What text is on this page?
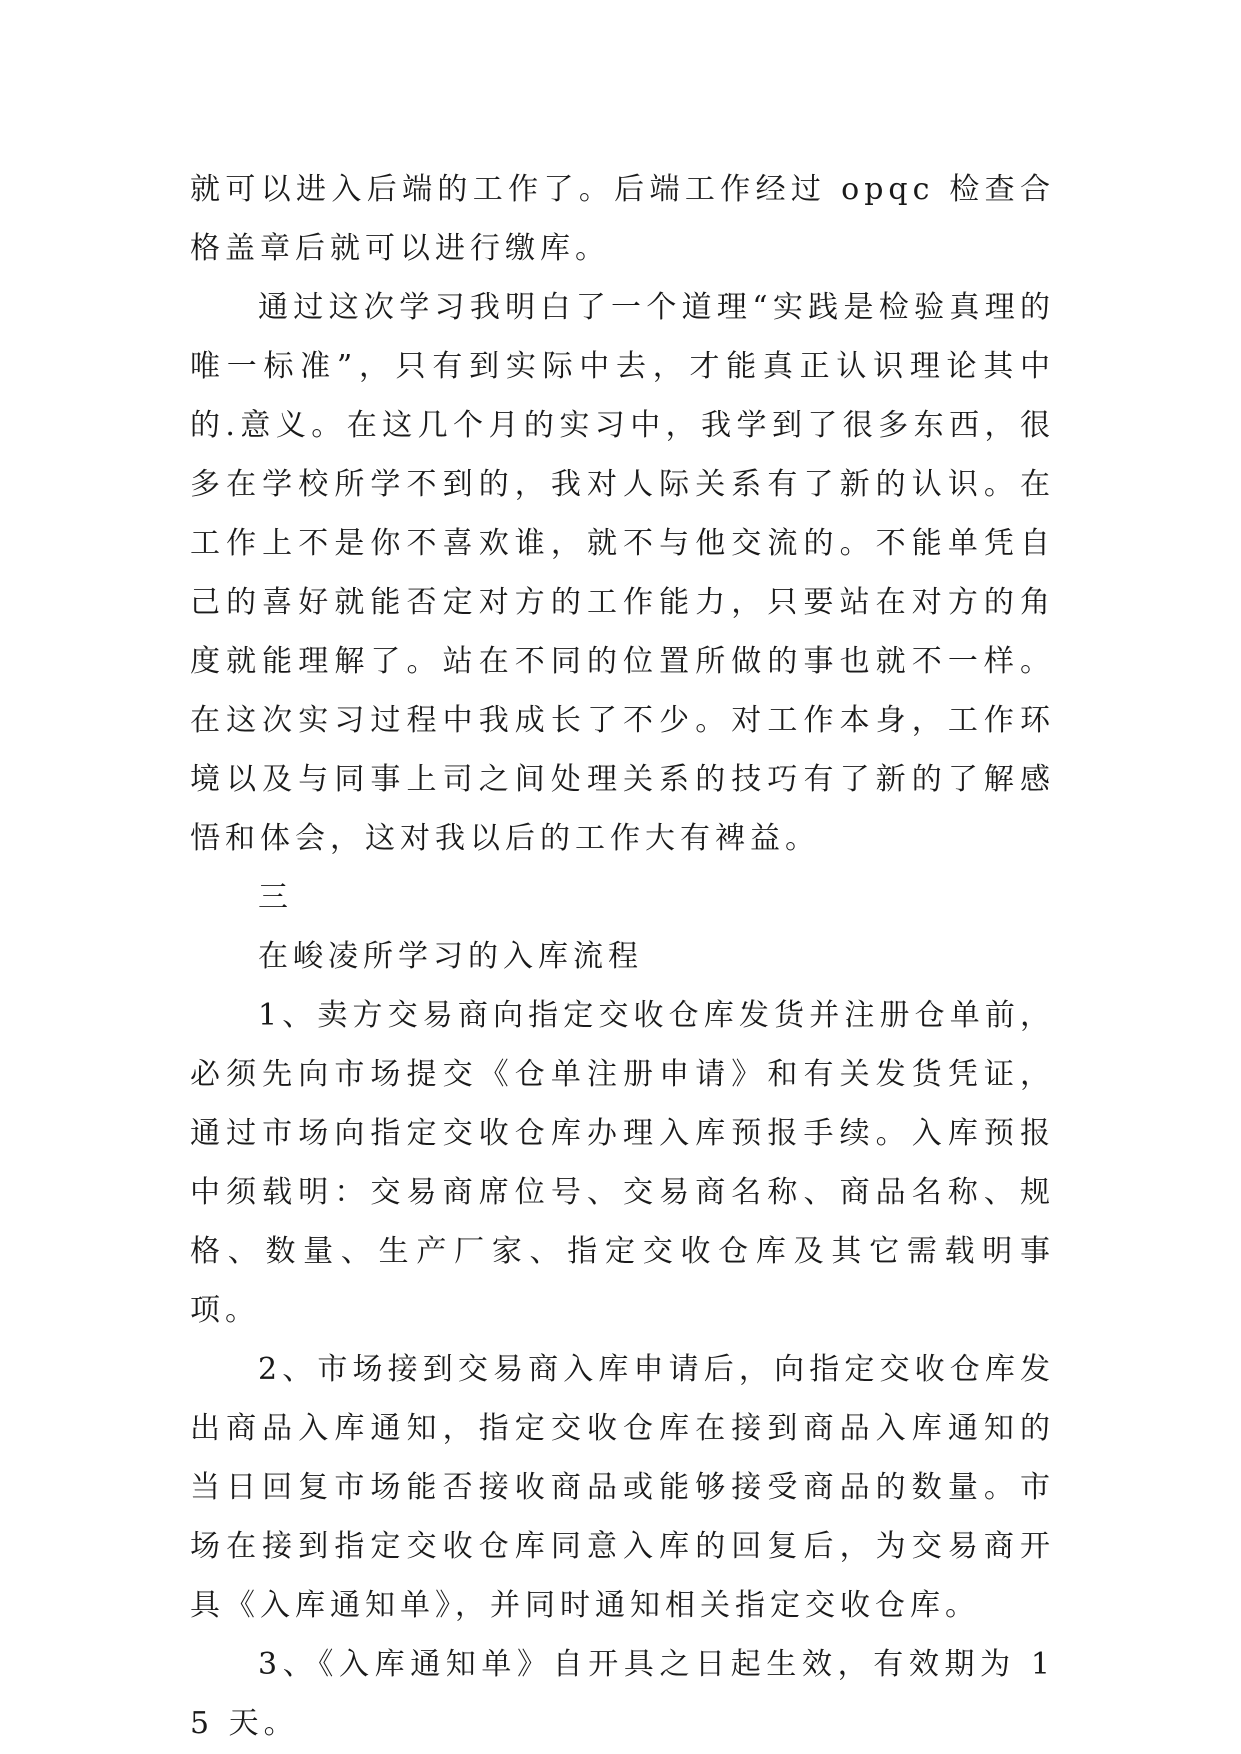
就可以进入后端的工作了。后端工作经过 opqc 检查合格盖章后就可以进行缴库。

通过这次学习我明白了一个道理“实践是检验真理的唯一标准”，只有到实际中去，才能真正认识理论其中的.意义。在这几个月的实习中，我学到了很多东西，很多在学校所学不到的，我对人际关系有了新的认识。在工作上不是你不喜欢谁，就不与他交流的。不能单凭自己的喜好就能否定对方的工作能力，只要站在对方的角度就能理解了。站在不同的位置所做的事也就不一样。在这次实习过程中我成长了不少。对工作本身，工作环境以及与同事上司之间处理关系的技巧有了新的了解感悟和体会，这对我以后的工作大有裨益。

三

在峻凌所学习的入库流程

1、卖方交易商向指定交收仓库发货并注册仓单前，必须先向市场提交《仓单注册申请》和有关发货凭证，通过市场向指定交收仓库办理入库预报手续。入库预报中须载明：交易商席位号、交易商名称、商品名称、规格、数量、生产厂家、指定交收仓库及其它需载明事项。

2、市场接到交易商入库申请后，向指定交收仓库发出商品入库通知，指定交收仓库在接到商品入库通知的当日回复市场能否接收商品或能够接受商品的数量。市场在接到指定交收仓库同意入库的回复后，为交易商开具《入库通知单》，并同时通知相关指定交收仓库。

3、《入库通知单》自开具之日起生效，有效期为 15 天。
